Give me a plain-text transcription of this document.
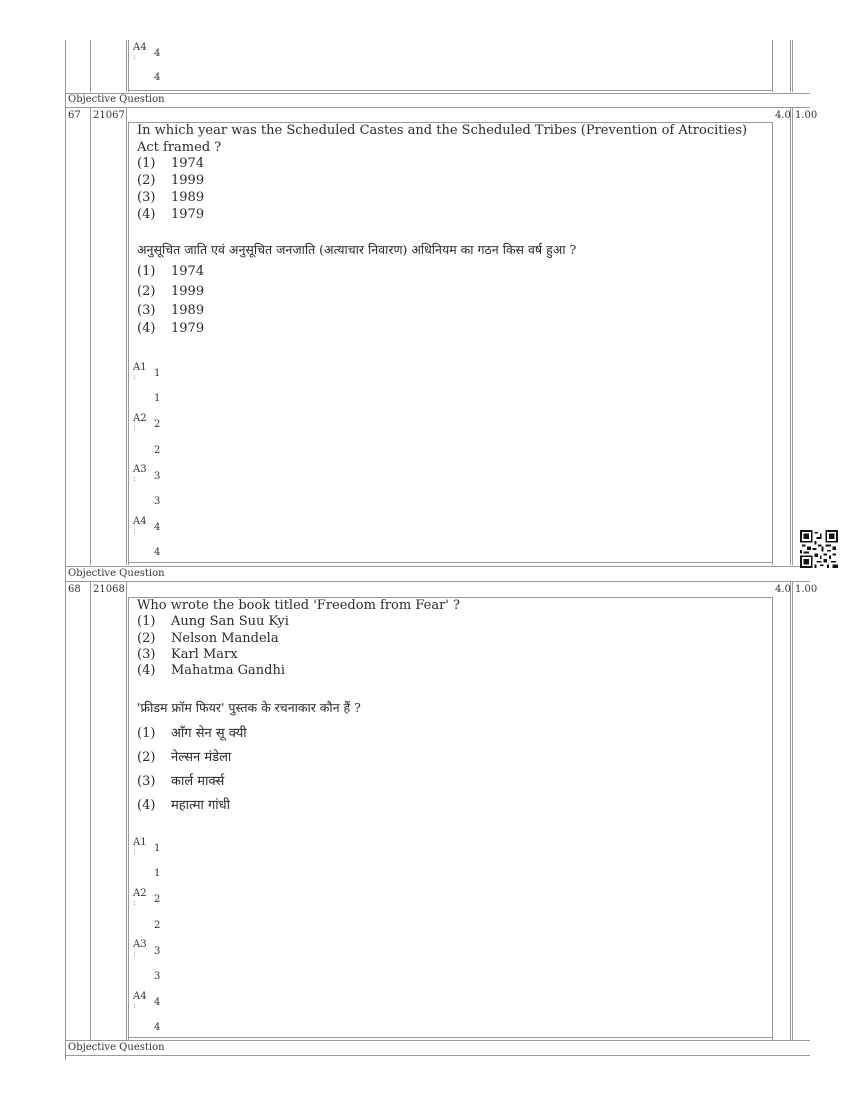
Objective Question
Objective Question
Objective Question
A4
: 4
4
67 21067	4.0 1.00
In which year was the Scheduled Castes and the Scheduled Tribes (Prevention of Atrocities)
Act framed ?
(1) 1974
(2) 1999
(3) 1989
(4) 1979
अनुसूचित जाति एवं अनुसूचित जनजाति (अत्याचार निवारण) अधिनियम का गठन किस वर्ष हुआ ?
(1) 1974
(2) 1999
(3) 1989
(4) 1979
A1
: 1
1
A2
: 2
2
A3
: 3
3
A4
: 4
4
68 21068	4.0 1.00
Who wrote the book titled 'Freedom from Fear' ?
(1) Aung San Suu Kyi
(2) Nelson Mandela
(3) Karl Marx
(4) Mahatma Gandhi
'फ्रीडम फ्रॉम फियर' पुस्तक के रचनाकार कौन हैं ?
(1) आँग सेन सू क्यी
(2) नेल्सन मंडेला
(3) कार्ल मार्क्स
(4) महात्मा गांधी
A1
: 1
1
A2
: 2
2
A3
: 3
3
A4
: 4
4
